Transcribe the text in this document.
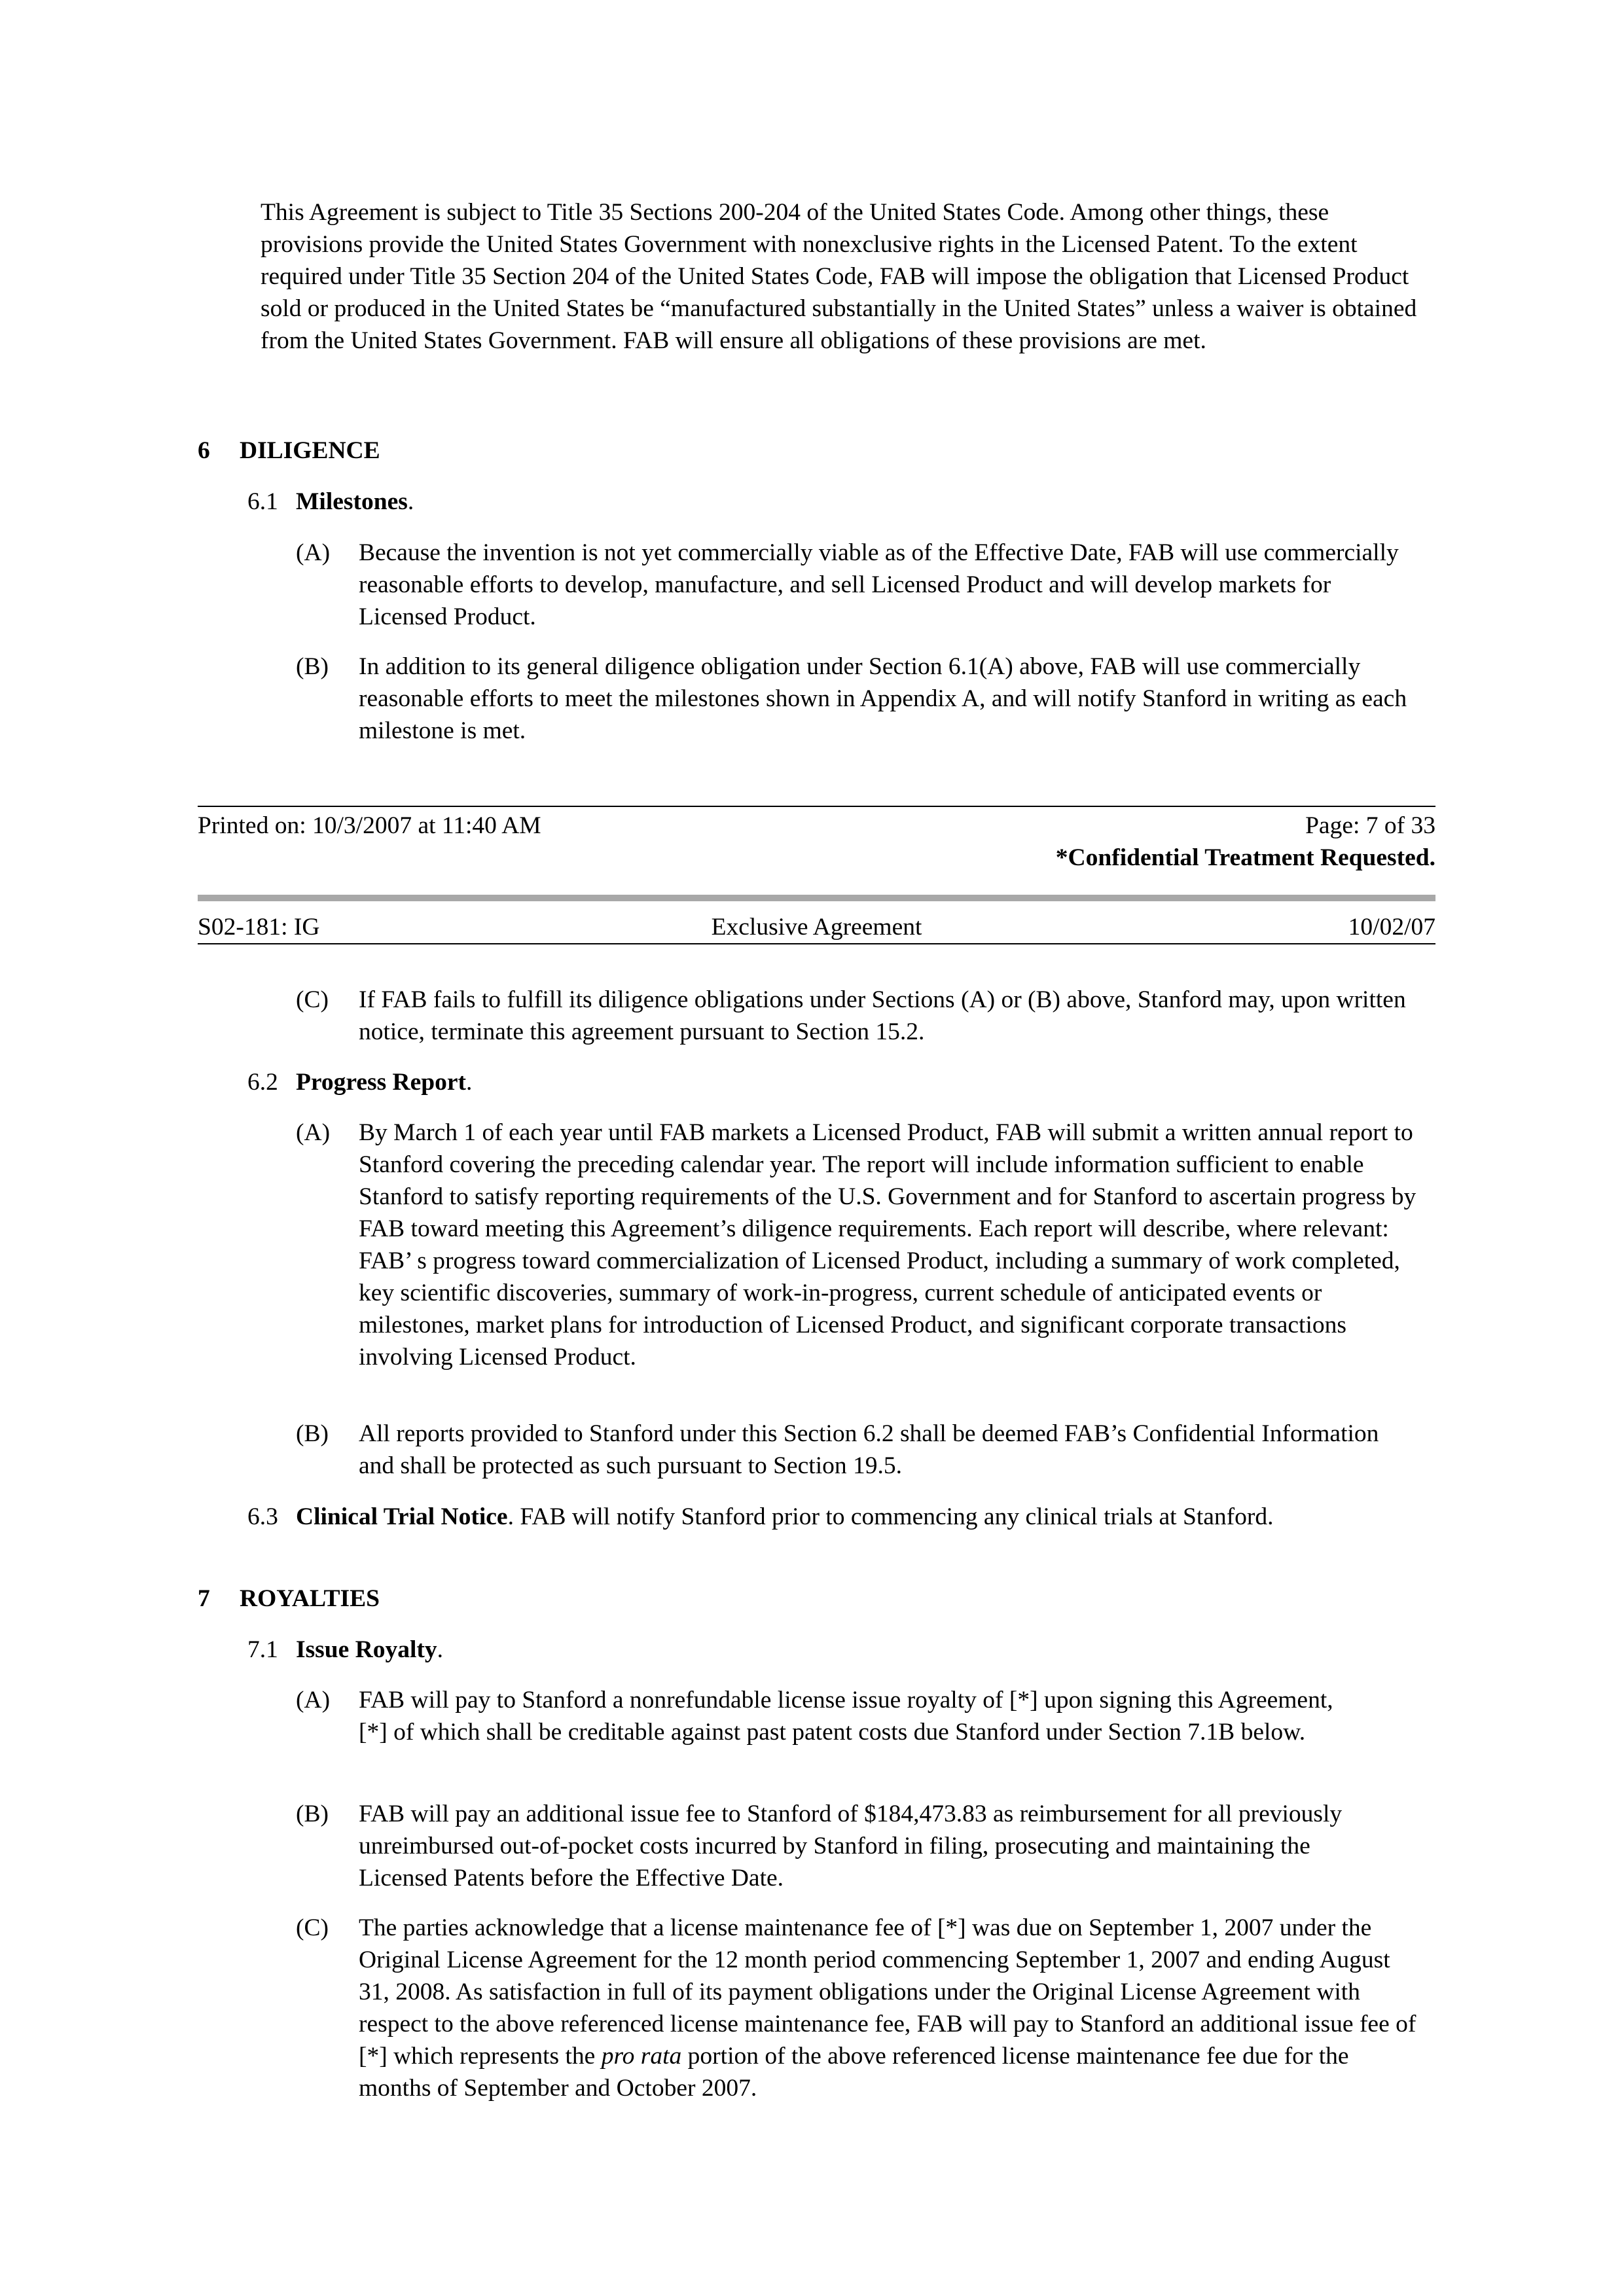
This Agreement is subject to Title 35 Sections 200-204 of the United States Code. Among other things, these provisions provide the United States Government with nonexclusive rights in the Licensed Patent. To the extent required under Title 35 Section 204 of the United States Code, FAB will impose the obligation that Licensed Product sold or produced in the United States be “manufactured substantially in the United States” unless a waiver is obtained from the United States Government. FAB will ensure all obligations of these provisions are met.
6 DILIGENCE
6.1 Milestones.
(A) Because the invention is not yet commercially viable as of the Effective Date, FAB will use commercially reasonable efforts to develop, manufacture, and sell Licensed Product and will develop markets for Licensed Product.
(B) In addition to its general diligence obligation under Section 6.1(A) above, FAB will use commercially reasonable efforts to meet the milestones shown in Appendix A, and will notify Stanford in writing as each milestone is met.
Printed on: 10/3/2007 at 11:40 AM	Page: 7 of 33
*Confidential Treatment Requested.
S02-181: IG	Exclusive Agreement	10/02/07
(C) If FAB fails to fulfill its diligence obligations under Sections (A) or (B) above, Stanford may, upon written notice, terminate this agreement pursuant to Section 15.2.
6.2 Progress Report.
(A) By March 1 of each year until FAB markets a Licensed Product, FAB will submit a written annual report to Stanford covering the preceding calendar year. The report will include information sufficient to enable Stanford to satisfy reporting requirements of the U.S. Government and for Stanford to ascertain progress by FAB toward meeting this Agreement’s diligence requirements. Each report will describe, where relevant: FAB’ s progress toward commercialization of Licensed Product, including a summary of work completed, key scientific discoveries, summary of work-in-progress, current schedule of anticipated events or milestones, market plans for introduction of Licensed Product, and significant corporate transactions involving Licensed Product.
(B) All reports provided to Stanford under this Section 6.2 shall be deemed FAB’s Confidential Information and shall be protected as such pursuant to Section 19.5.
6.3 Clinical Trial Notice. FAB will notify Stanford prior to commencing any clinical trials at Stanford.
7 ROYALTIES
7.1 Issue Royalty.
(A) FAB will pay to Stanford a nonrefundable license issue royalty of [*] upon signing this Agreement, [*] of which shall be creditable against past patent costs due Stanford under Section 7.1B below.
(B) FAB will pay an additional issue fee to Stanford of $184,473.83 as reimbursement for all previously unreimbursed out-of-pocket costs incurred by Stanford in filing, prosecuting and maintaining the Licensed Patents before the Effective Date.
(C) The parties acknowledge that a license maintenance fee of [*] was due on September 1, 2007 under the Original License Agreement for the 12 month period commencing September 1, 2007 and ending August 31, 2008. As satisfaction in full of its payment obligations under the Original License Agreement with respect to the above referenced license maintenance fee, FAB will pay to Stanford an additional issue fee of [*] which represents the pro rata portion of the above referenced license maintenance fee due for the months of September and October 2007.
